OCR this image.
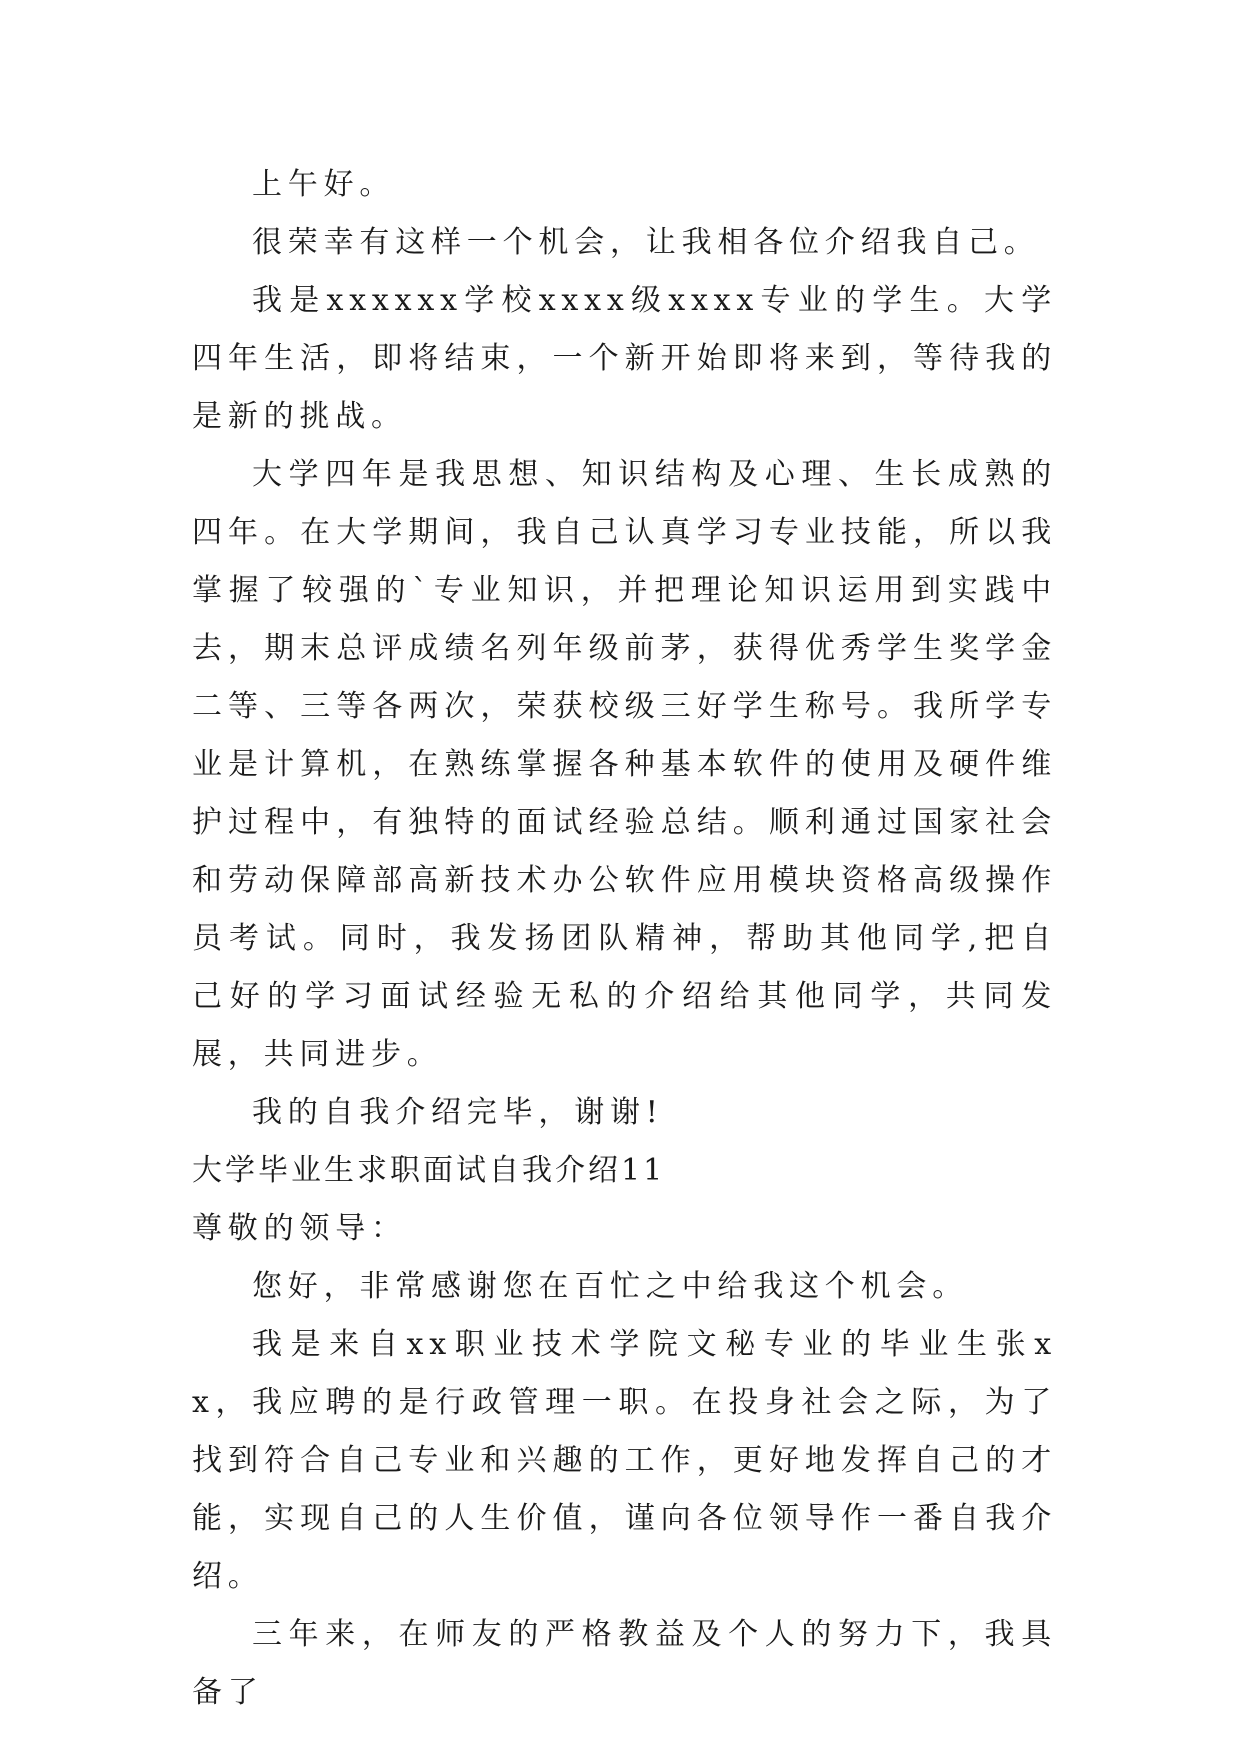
上午好。

很荣幸有这样一个机会，让我相各位介绍我自己。

我是xxxxxx学校xxxx级xxxx专业的学生。大学四年生活，即将结束，一个新开始即将来到，等待我的是新的挑战。

大学四年是我思想、知识结构及心理、生长成熟的四年。在大学期间，我自己认真学习专业技能，所以我掌握了较强的`专业知识，并把理论知识运用到实践中去，期末总评成绩名列年级前茅，获得优秀学生奖学金二等、三等各两次，荣获校级三好学生称号。我所学专业是计算机，在熟练掌握各种基本软件的使用及硬件维护过程中，有独特的面试经验总结。顺利通过国家社会和劳动保障部高新技术办公软件应用模块资格高级操作员考试。同时，我发扬团队精神，帮助其他同学,把自己好的学习面试经验无私的介绍给其他同学，共同发展，共同进步。

我的自我介绍完毕，谢谢!

大学毕业生求职面试自我介绍11

尊敬的领导：

您好，非常感谢您在百忙之中给我这个机会。

我是来自xx职业技术学院文秘专业的毕业生张xx，我应聘的是行政管理一职。在投身社会之际，为了找到符合自己专业和兴趣的工作，更好地发挥自己的才能，实现自己的人生价值，谨向各位领导作一番自我介绍。

三年来，在师友的严格教益及个人的努力下，我具备了
